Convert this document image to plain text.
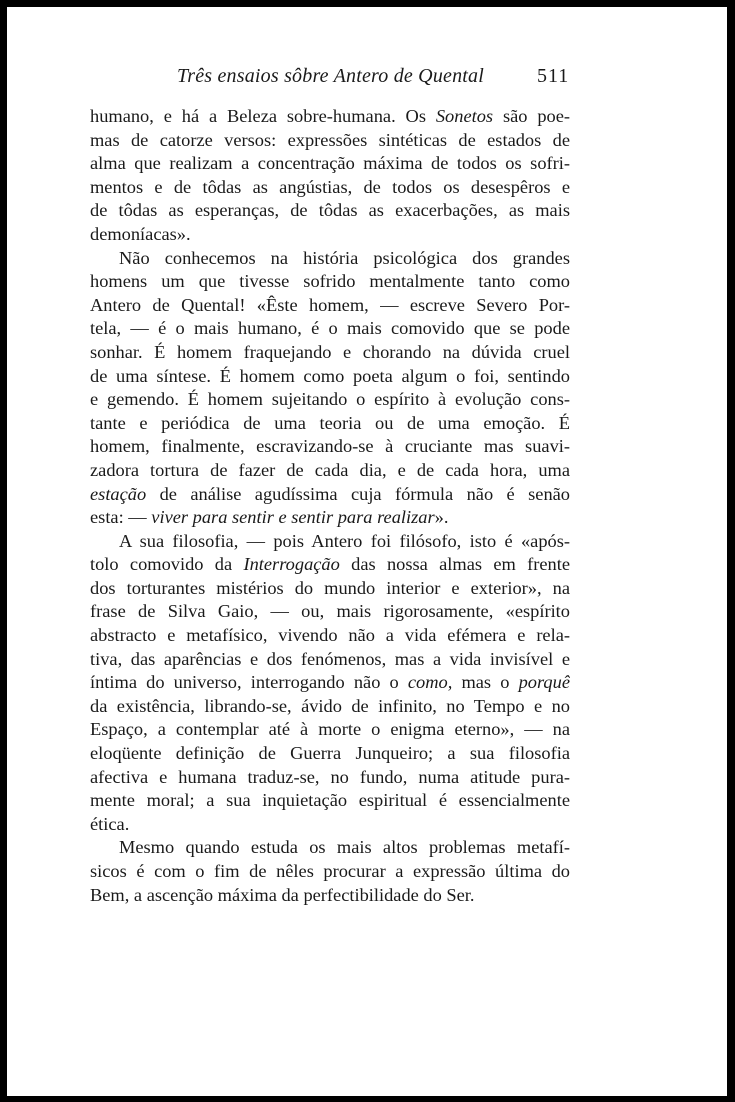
Três ensaios sôbre Antero de Quental	511
humano, e há a Beleza sobre-humana. Os Sonetos são poe-
mas de catorze versos: expressões sintéticas de estados de
alma que realizam a concentração máxima de todos os sofri-
mentos e de tôdas as angústias, de todos os desespêros e
de tôdas as esperanças, de tôdas as exacerbações, as mais
demoníacas».
Não conhecemos na história psicológica dos grandes
homens um que tivesse sofrido mentalmente tanto como
Antero de Quental! «Êste homem, — escreve Severo Por-
tela, — é o mais humano, é o mais comovido que se pode
sonhar. É homem fraquejando e chorando na dúvida cruel
de uma síntese. É homem como poeta algum o foi, sentindo
e gemendo. É homem sujeitando o espírito à evolução cons-
tante e periódica de uma teoria ou de uma emoção. É
homem, finalmente, escravizando-se à cruciante mas suavi-
zadora tortura de fazer de cada dia, e de cada hora, uma
estação de análise agudíssima cuja fórmula não é senão
esta: — viver para sentir e sentir para realizar».
A sua filosofia, — pois Antero foi filósofo, isto é «após-
tolo comovido da Interrogação das nossa almas em frente
dos torturantes mistérios do mundo interior e exterior», na
frase de Silva Gaio, — ou, mais rigorosamente, «espírito
abstracto e metafísico, vivendo não a vida efémera e rela-
tiva, das aparências e dos fenómenos, mas a vida invisível e
íntima do universo, interrogando não o como, mas o porquê
da existência, librando-se, ávido de infinito, no Tempo e no
Espaço, a contemplar até à morte o enigma eterno», — na
eloqüente definição de Guerra Junqueiro; a sua filosofia
afectiva e humana traduz-se, no fundo, numa atitude pura-
mente moral; a sua inquietação espiritual é essencialmente
ética.
Mesmo quando estuda os mais altos problemas metafí-
sicos é com o fim de nêles procurar a expressão última do
Bem, a ascenção máxima da perfectibilidade do Ser.
